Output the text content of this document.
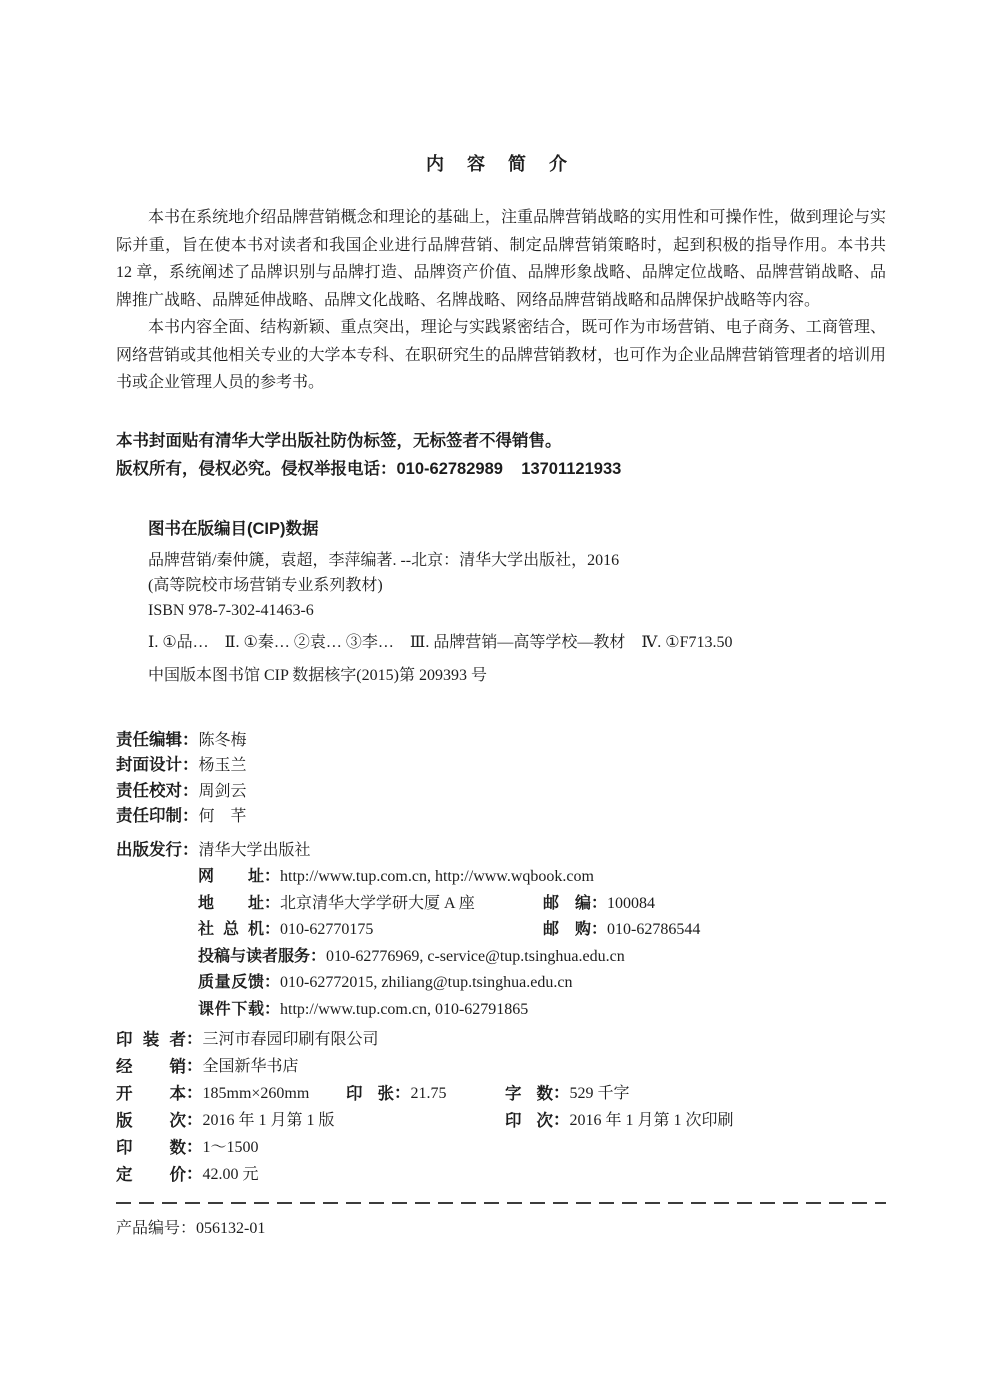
内 容 简 介

本书在系统地介绍品牌营销概念和理论的基础上，注重品牌营销战略的实用性和可操作性，做到理论与实际并重，旨在使本书对读者和我国企业进行品牌营销、制定品牌营销策略时，起到积极的指导作用。本书共 12 章，系统阐述了品牌识别与品牌打造、品牌资产价值、品牌形象战略、品牌定位战略、品牌营销战略、品牌推广战略、品牌延伸战略、品牌文化战略、名牌战略、网络品牌营销战略和品牌保护战略等内容。

本书内容全面、结构新颖、重点突出，理论与实践紧密结合，既可作为市场营销、电子商务、工商管理、网络营销或其他相关专业的大学本专科、在职研究生的品牌营销教材，也可作为企业品牌营销管理者的培训用书或企业管理人员的参考书。

本书封面贴有清华大学出版社防伪标签，无标签者不得销售。
版权所有，侵权必究。侵权举报电话：010-62782989    13701121933
图书在版编目(CIP)数据
品牌营销/秦仲篪，袁超，李萍编著. --北京：清华大学出版社，2016
(高等院校市场营销专业系列教材)
ISBN 978-7-302-41463-6
Ⅰ. ①品…　Ⅱ. ①秦… ②袁… ③李…　Ⅲ. 品牌营销—高等学校—教材　Ⅳ. ①F713.50
中国版本图书馆 CIP 数据核字(2015)第 209393 号
责任编辑：陈冬梅
封面设计：杨玉兰
责任校对：周剑云
责任印制：何　芊
出版发行：清华大学出版社
网址：http://www.tup.com.cn, http://www.wqbook.com
地址：北京清华大学学研大厦 A 座	邮编：100084
社总机：010-62770175	邮购：010-62786544
投稿与读者服务：010-62776969, c-service@tup.tsinghua.edu.cn
质量反馈：010-62772015, zhiliang@tup.tsinghua.edu.cn
课件下载：http://www.tup.com.cn, 010-62791865
印装者：三河市春园印刷有限公司
经销：全国新华书店
开本：185mm×260mm 印张：21.75	字数：529 千字
版次：2016 年 1 月第 1 版	印次：2016 年 1 月第 1 次印刷
印数：1～1500
定价：42.00 元
产品编号：056132-01
